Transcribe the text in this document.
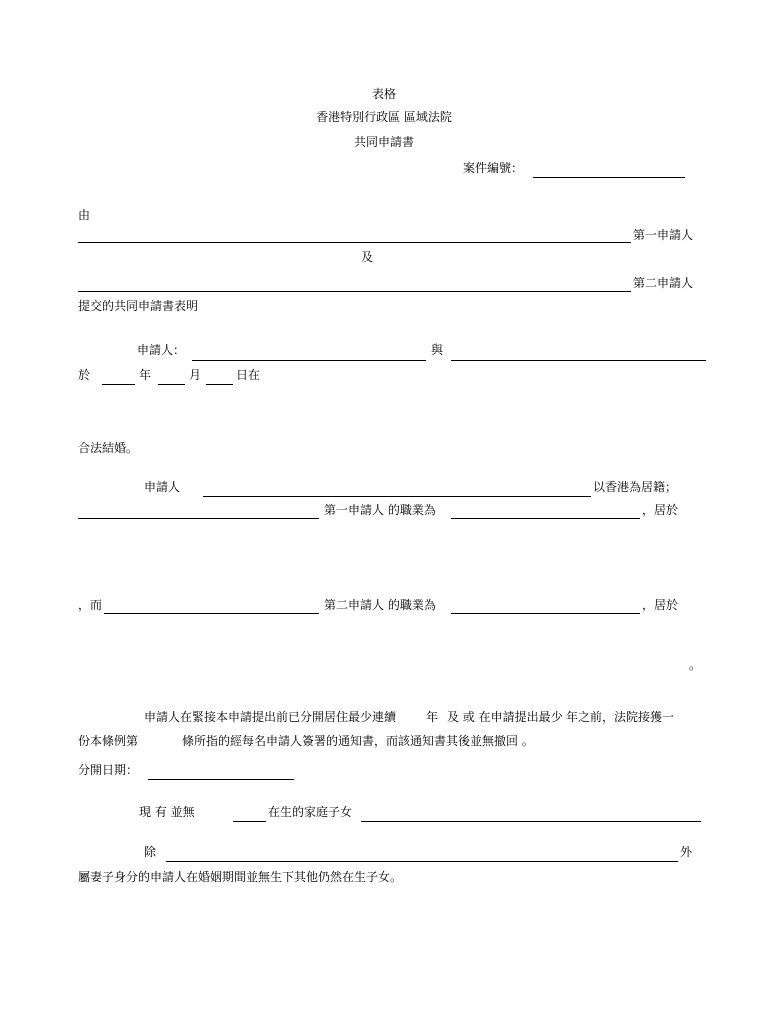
表格
香港特別行政區 區域法院
共同申請書
案件編號：
由
第一申請人
及
第二申請人
提交的共同申請書表明
申請人：	與
於	年	月	日在
合法結婚。
申請人	以香港為居籍；
第一申請人 的職業為	，居於
，而	第二申請人 的職業為	，居於
。
申請人在緊接本申請提出前已分開居住最少連續 年 及 或 在申請提出最少 年之前，法院接獲一
份本條例第	條所指的經每名申請人簽署的通知書，而該通知書其後並無撤回 。
分開日期：
現 有 並無	在生的家庭子女
除	外
屬妻子身分的申請人在婚姻期間並無生下其他仍然在生子女。
